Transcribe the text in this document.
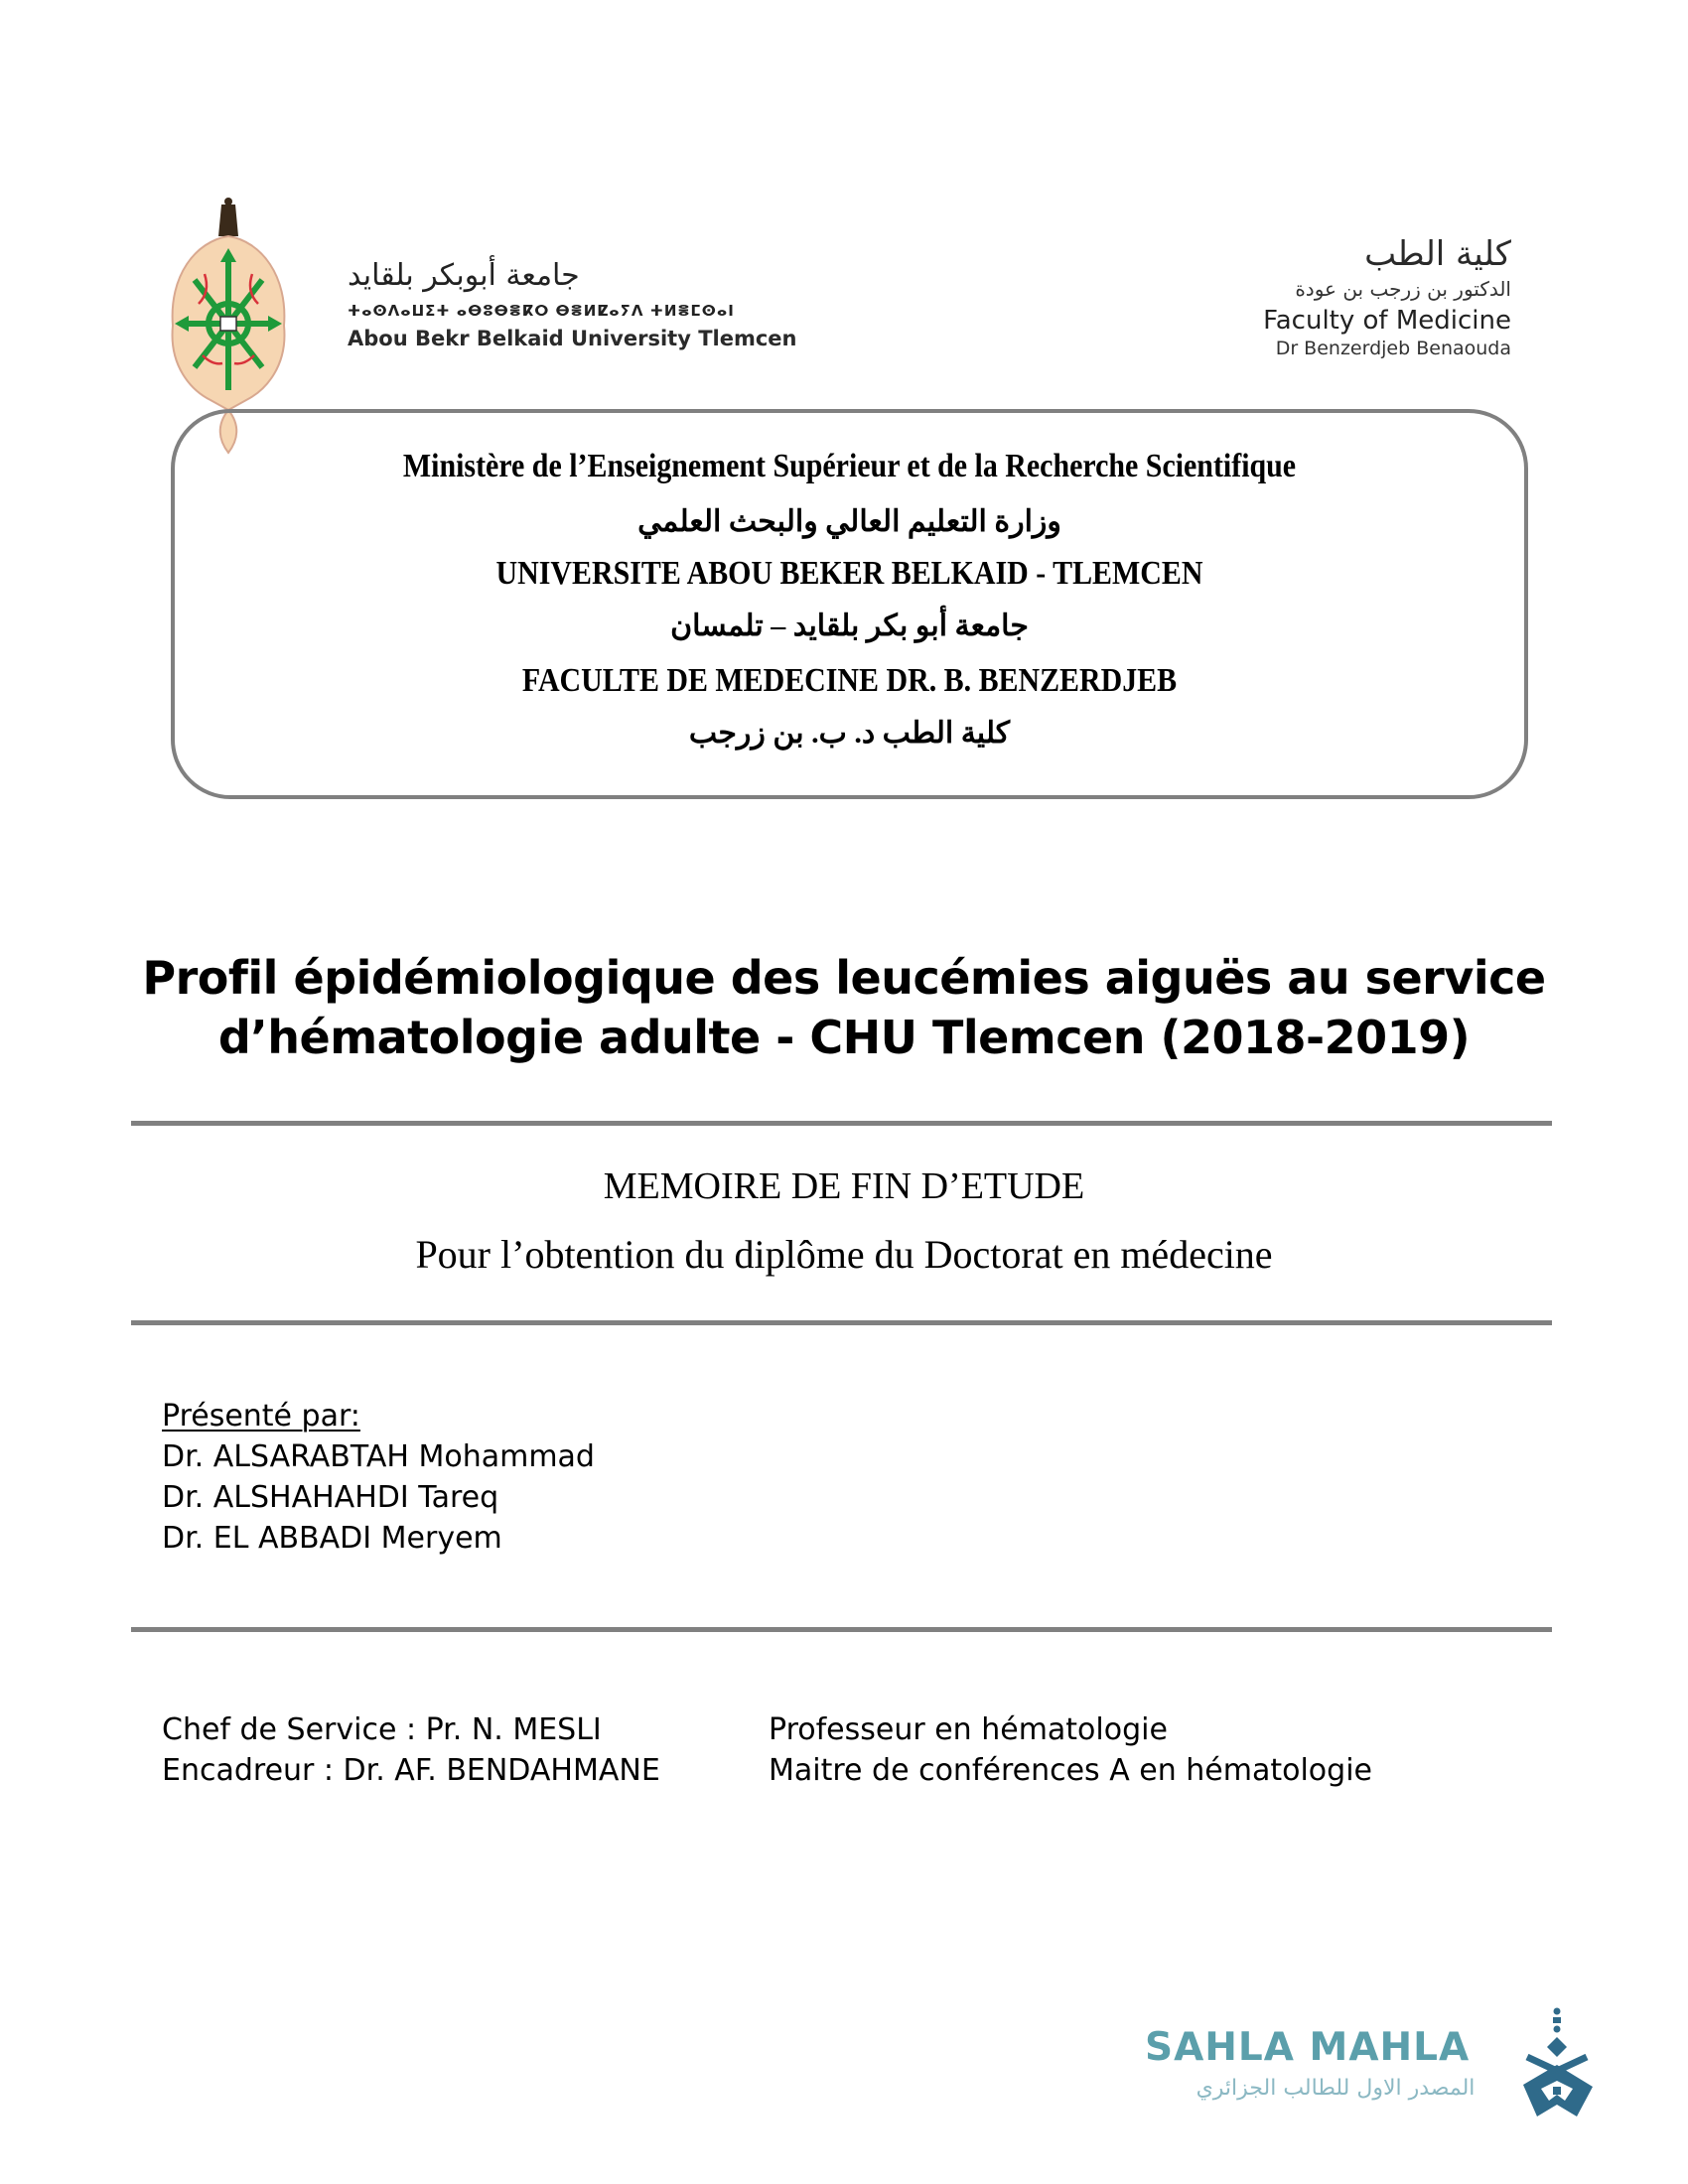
جامعة أبوبكر بلقايد
ⵜⴰⵙⴷⴰⵡⵉⵜ ⴰⴱⵓⴱⴻⴽⵔ ⴱⴻⵍⵇⴰⵢⴷ ⵜⵍⴻⵎⵙⴰⵏ
Abou Bekr Belkaid University Tlemcen
كلية الطب
الدكتور بن زرجب بن عودة
Faculty of Medicine
Dr Benzerdjeb Benaouda
Ministère de l’Enseignement Supérieur et de la Recherche Scientifique
وزارة التعليم العالي والبحث العلمي
UNIVERSITE ABOU BEKER BELKAID - TLEMCEN
جامعة أبو بكر بلقايد – تلمسان
FACULTE DE MEDECINE DR. B. BENZERDJEB
كلية الطب د. ب. بن زرجب
Profil épidémiologique des leucémies aiguës au service
d’hématologie adulte - CHU Tlemcen (2018-2019)
MEMOIRE DE FIN D’ETUDE
Pour l’obtention du diplôme du Doctorat en médecine
Présenté par:
Dr. ALSARABTAH Mohammad
Dr. ALSHAHAHDI Tareq
Dr. EL ABBADI Meryem
Chef de Service : Pr. N. MESLI	Professeur en hématologie
Encadreur : Dr. AF. BENDAHMANE	Maitre de conférences A en hématologie
SAHLA MAHLA
المصدر الاول للطالب الجزائري
